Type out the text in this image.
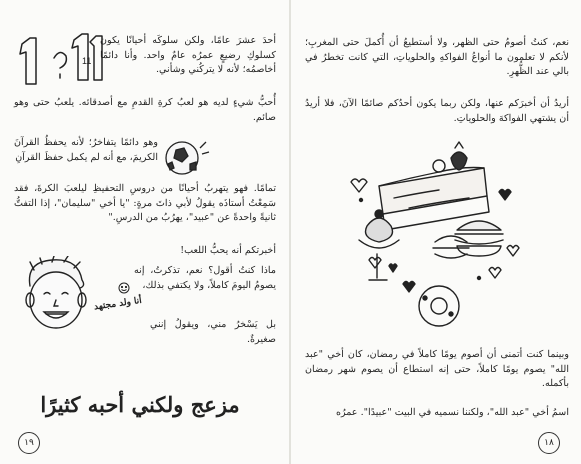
نعم، كنتُ أصومُ حتى الظهر، ولا أستطيعُ أن أُكملَ حتى المغربِ؛ لأنكم لا تعلمون ما أنواعُ الفواكهِ والحلوياتِ، التي كانت تخطرُ في بالي عند الظُّهرِ.

أريدُ أن أخبرَكم عنها، ولكن ربما يكون أحدُكم صائمًا الآنَ، فلا أريدُ أن يشتهي الفواكهَ والحلوياتِ.

وبينما كنت أتمنى أن أصوم يومًا كاملاً في رمضان، كان أخي "عبد الله" يصوم يومًا كاملاً، حتى إنه استطاع أن يصوم شهر رمضان بأكمله.

اسمُ أخي "عبد الله"، ولكننا نسميه في البيت "عبيدًا". عمرُه

١٨
11

أحدَ عشرَ عامًا، ولكن سلوكَه أحيانًا يكون كسلوكِ رضيعٍ عمرُه عامٌ واحد. وأنا دائمًا أخاصمُه؛ لأنه لا يتركُني وشأني.

أُحبُّ شيءٍ لديه هو لعبُ كرةِ القدمِ مع أصدقائه. يلعبُ حتى وهو صائم.

وهو دائمًا يتفاخرُ؛ لأنه يحفظُ القرآنَ الكريمَ، مع أنه لم يكمل حفظَ القرآنِ

تمامًا. فهو يتهربُ أحيانًا من دروسِ التحفيظِ ليلعبَ الكرةَ، فقد سَمِعْتُ أستاذَه يقولُ لأبي ذاتَ مرةٍ: "يا أخي "سليمان"، إذا التفتُّ ثانيةً واحدةً عن "عبيد"، يهرُبُ من الدرسِ."

أخبرتكم أنه يحبُّ اللعب!

ماذا كنتُ أقول؟ نعم، تذكرتُ، إنه يصومُ اليومَ كاملاً، ولا يكتفي بذلك،

بل يَسْخرُ مني، ويقولُ إنني صغيرةٌ.

أنا ولد مجتهد
مزعج ولكني أحبه كثيرًا
١٩
